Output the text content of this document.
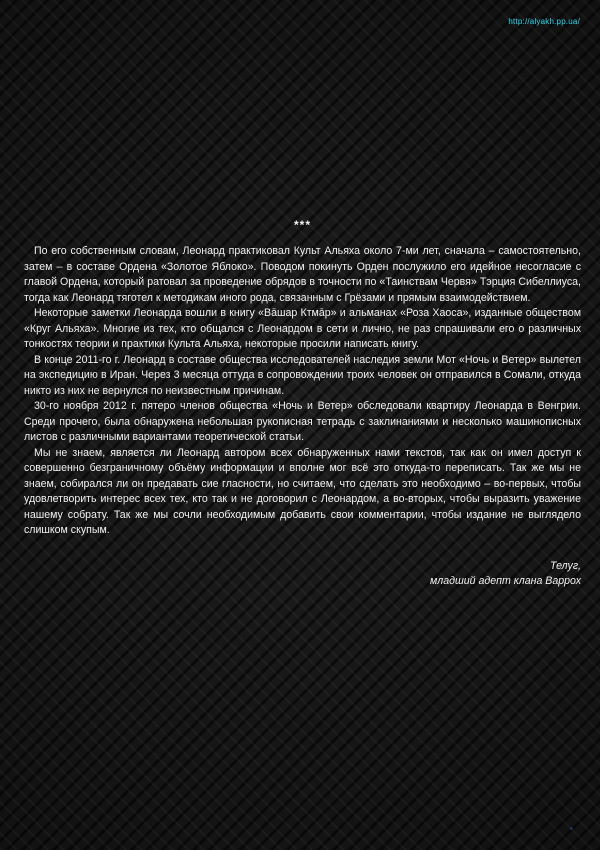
http://alyakh.pp.ua/
***

По его собственным словам, Леонард практиковал Культ Альяха около 7-ми лет, сначала – самостоятельно, затем – в составе Ордена «Золотое Яблоко». Поводом покинуть Орден послужило его идейное несогласие с главой Ордена, который ратовал за проведение обрядов в точности по «Таинствам Червя» Тэрция Сибеллиуса, тогда как Леонард тяготел к методикам иного рода, связанным с Грёзами и прямым взаимодействием.

Некоторые заметки Леонарда вошли в книгу «Вāшар Ктмāр» и альманах «Роза Хаоса», изданные обществом «Круг Альяха». Многие из тех, кто общался с Леонардом в сети и лично, не раз спрашивали его о различных тонкостях теории и практики Культа Альяха, некоторые просили написать книгу.

В конце 2011-го г. Леонард в составе общества исследователей наследия земли Мот «Ночь и Ветер» вылетел на экспедицию в Иран. Через 3 месяца оттуда в сопровождении троих человек он отправился в Сомали, откуда никто из них не вернулся по неизвестным причинам.

30-го ноября 2012 г. пятеро членов общества «Ночь и Ветер» обследовали квартиру Леонарда в Венгрии. Среди прочего, была обнаружена небольшая рукописная тетрадь с заклинаниями и несколько машинописных листов с различными вариантами теоретической статьи.

Мы не знаем, является ли Леонард автором всех обнаруженных нами текстов, так как он имел доступ к совершенно безграничному объёму информации и вполне мог всё это откуда-то переписать. Так же мы не знаем, собирался ли он предавать сие гласности, но считаем, что сделать это необходимо – во-первых, чтобы удовлетворить интерес всех тех, кто так и не договорил с Леонардом, а во-вторых, чтобы выразить уважение нашему собрату. Так же мы сочли необходимым добавить свои комментарии, чтобы издание не выглядело слишком скупым.

Телуг,
младший адепт клана Варрох
▪
